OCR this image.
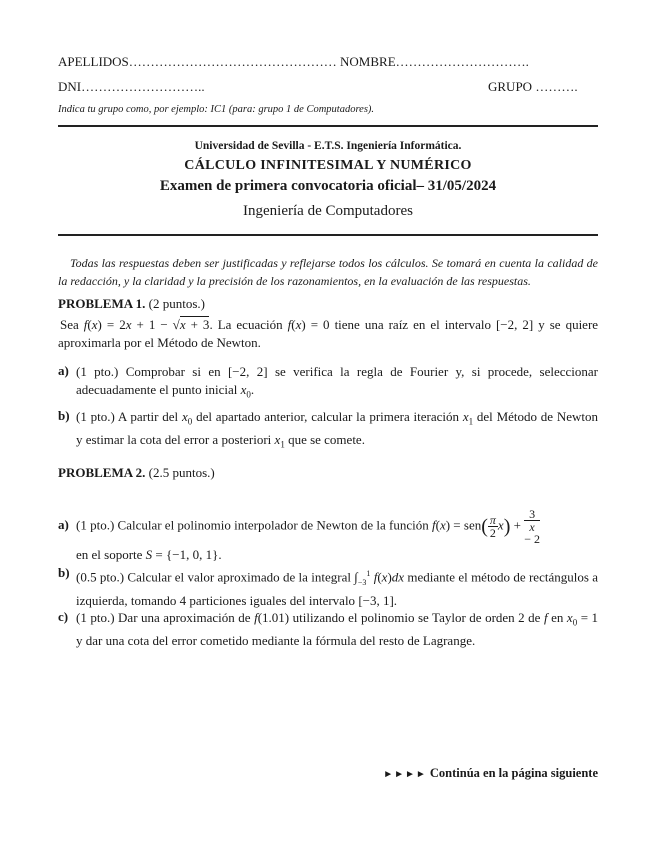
APELLIDOS………………………………………… NOMBRE………………………….
DNI………………………..	GRUPO ……….
Indica tu grupo como, por ejemplo: IC1 (para: grupo 1 de Computadores).
Universidad de Sevilla - E.T.S. Ingeniería Informática.
CÁLCULO INFINITESIMAL Y NUMÉRICO
Examen de primera convocatoria oficial– 31/05/2024
Ingeniería de Computadores
Todas las respuestas deben ser justificadas y reflejarse todos los cálculos. Se tomará en cuenta la calidad de la redacción, y la claridad y la precisión de los razonamientos, en la evaluación de las respuestas.
PROBLEMA 1. (2 puntos.)
Sea f(x) = 2x + 1 − √x + 3. La ecuación f(x) = 0 tiene una raíz en el intervalo [−2, 2] y se quiere aproximarla por el Método de Newton.
a) (1 pto.) Comprobar si en [−2, 2] se verifica la regla de Fourier y, si procede, seleccionar adecuadamente el punto inicial $x_0$.
b) (1 pto.) A partir del $x_0$ del apartado anterior, calcular la primera iteración $x_1$ del Método de Newton y estimar la cota del error a posteriori $x_1$ que se comete.
PROBLEMA 2. (2.5 puntos.)
a) (1 pto.) Calcular el polinomio interpolador de Newton de la función $f(x) = sen( \frac{\pi}{2} x) + 3$
x
− 2

en el soporte S = {−1, 0, 1}.
b) (0.5 pto.) Calcular el valor aproximado de la integral $\int_{-3}^1$ f(x)dx mediante el método de rectángulos a izquierda, tomando 4 particiones iguales del intervalo [−3, 1].
c) (1 pto.) Dar una aproximación de f(1.01) utilizando el polinomio se Taylor de orden 2 de f en $x_0 = 1$ y dar una cota del error cometido mediante la fórmula del resto de Lagrange.
►►►► Continúa en la página siguiente
